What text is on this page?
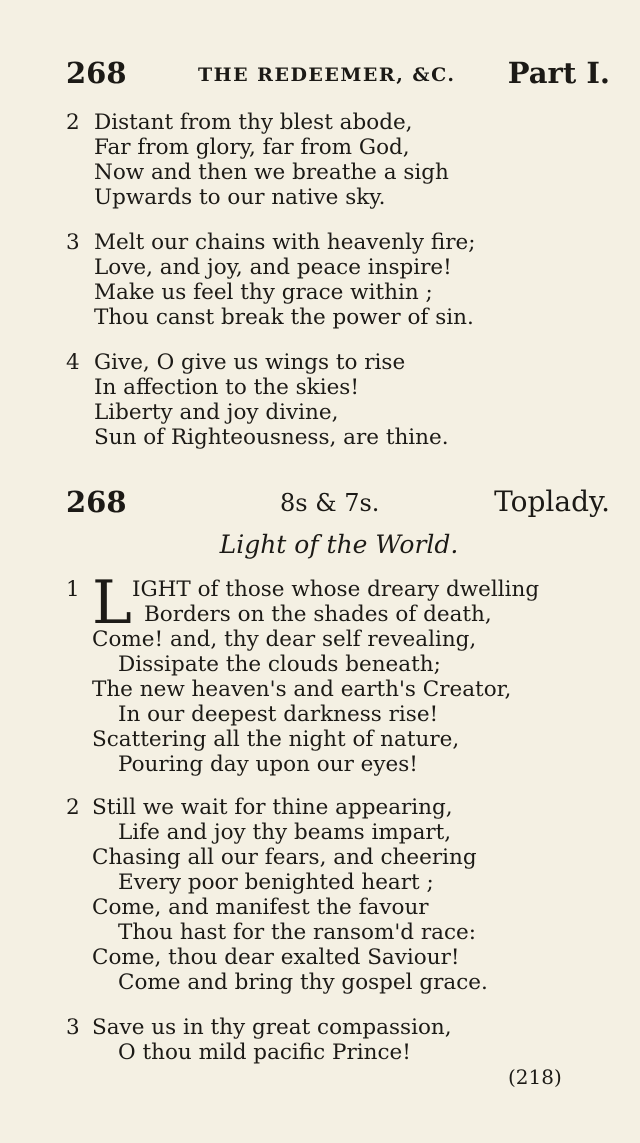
268	THE REDEEMER, &C. Part I.
2 Distant from thy blest abode,
Far from glory, far from God,
Now and then we breathe a sigh
Upwards to our native sky.
3 Melt our chains with heavenly fire;
Love, and joy, and peace inspire!
Make us feel thy grace within ;
Thou canst break the power of sin.
4 Give, O give us wings to rise
In affection to the skies!
Liberty and joy divine,
Sun of Righteousness, are thine.
268	8s & 7s.	Toplady.
Light of the World.
1 L IGHT of those whose dreary dwelling
Borders on the shades of death,
Come! and, thy dear self revealing,
Dissipate the clouds beneath;
The new heaven's and earth's Creator,
In our deepest darkness rise!
Scattering all the night of nature,
Pouring day upon our eyes!
2 Still we wait for thine appearing,
Life and joy thy beams impart,
Chasing all our fears, and cheering
Every poor benighted heart ;
Come, and manifest the favour
Thou hast for the ransom'd race:
Come, thou dear exalted Saviour!
Come and bring thy gospel grace.
3 Save us in thy great compassion,
O thou mild pacific Prince!
(218)
